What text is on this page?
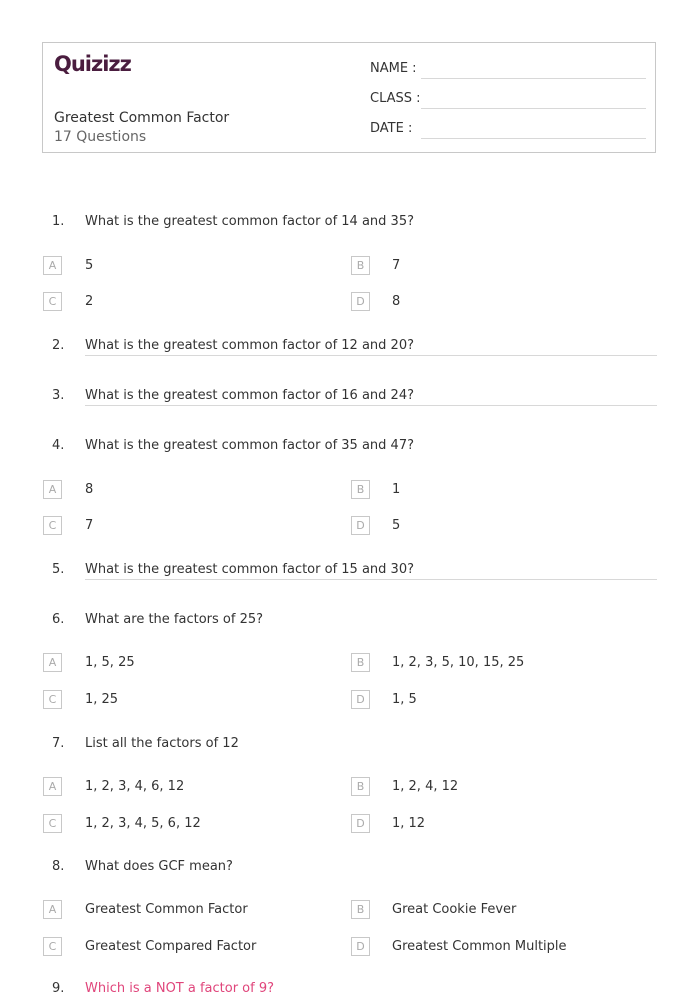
Quizizz
Greatest Common Factor
17 Questions
NAME :
CLASS :
DATE :
1. What is the greatest common factor of 14 and 35?
A	5	B	7
C	2	D	8
2. What is the greatest common factor of 12 and 20?
3. What is the greatest common factor of 16 and 24?
4. What is the greatest common factor of 35 and 47?
A	8	B	1
C	7	D	5
5. What is the greatest common factor of 15 and 30?
6. What are the factors of 25?
A	1, 5, 25	B	1, 2, 3, 5, 10, 15, 25
C	1, 25	D	1, 5
7. List all the factors of 12
A	1, 2, 3, 4, 6, 12	B	1, 2, 4, 12
C	1, 2, 3, 4, 5, 6, 12	D	1, 12
8. What does GCF mean?
A	Greatest Common Factor	B	Great Cookie Fever
C	Greatest Compared Factor	D	Greatest Common Multiple
9. Which is a NOT a factor of 9?
